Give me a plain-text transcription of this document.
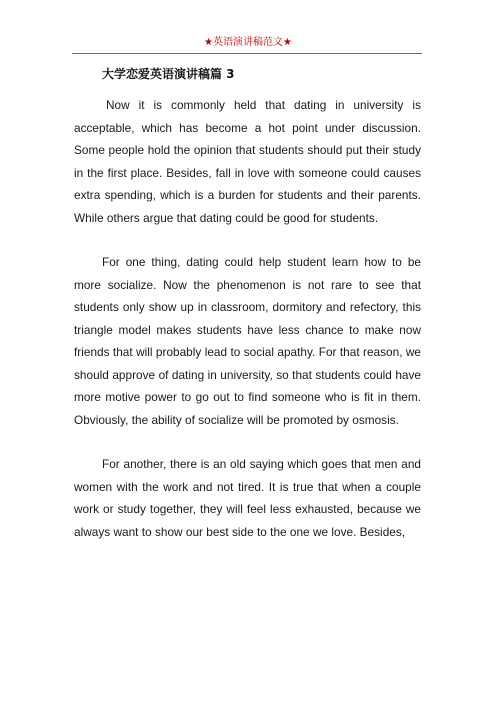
★英语演讲稿范文★
大学恋爱英语演讲稿篇 3

Now it is commonly held that dating in university is acceptable, which has become a hot point under discussion. Some people hold the opinion that students should put their study in the first place. Besides, fall in love with someone could causes extra spending, which is a burden for students and their parents. While others argue that dating could be good for students.

For one thing, dating could help student learn how to be more socialize. Now the phenomenon is not rare to see that students only show up in classroom, dormitory and refectory, this triangle model makes students have less chance to make now friends that will probably lead to social apathy. For that reason, we should approve of dating in university, so that students could have more motive power to go out to find someone who is fit in them. Obviously, the ability of socialize will be promoted by osmosis.

For another, there is an old saying which goes that men and women with the work and not tired. It is true that when a couple work or study together, they will feel less exhausted, because we always want to show our best side to the one we love. Besides,
